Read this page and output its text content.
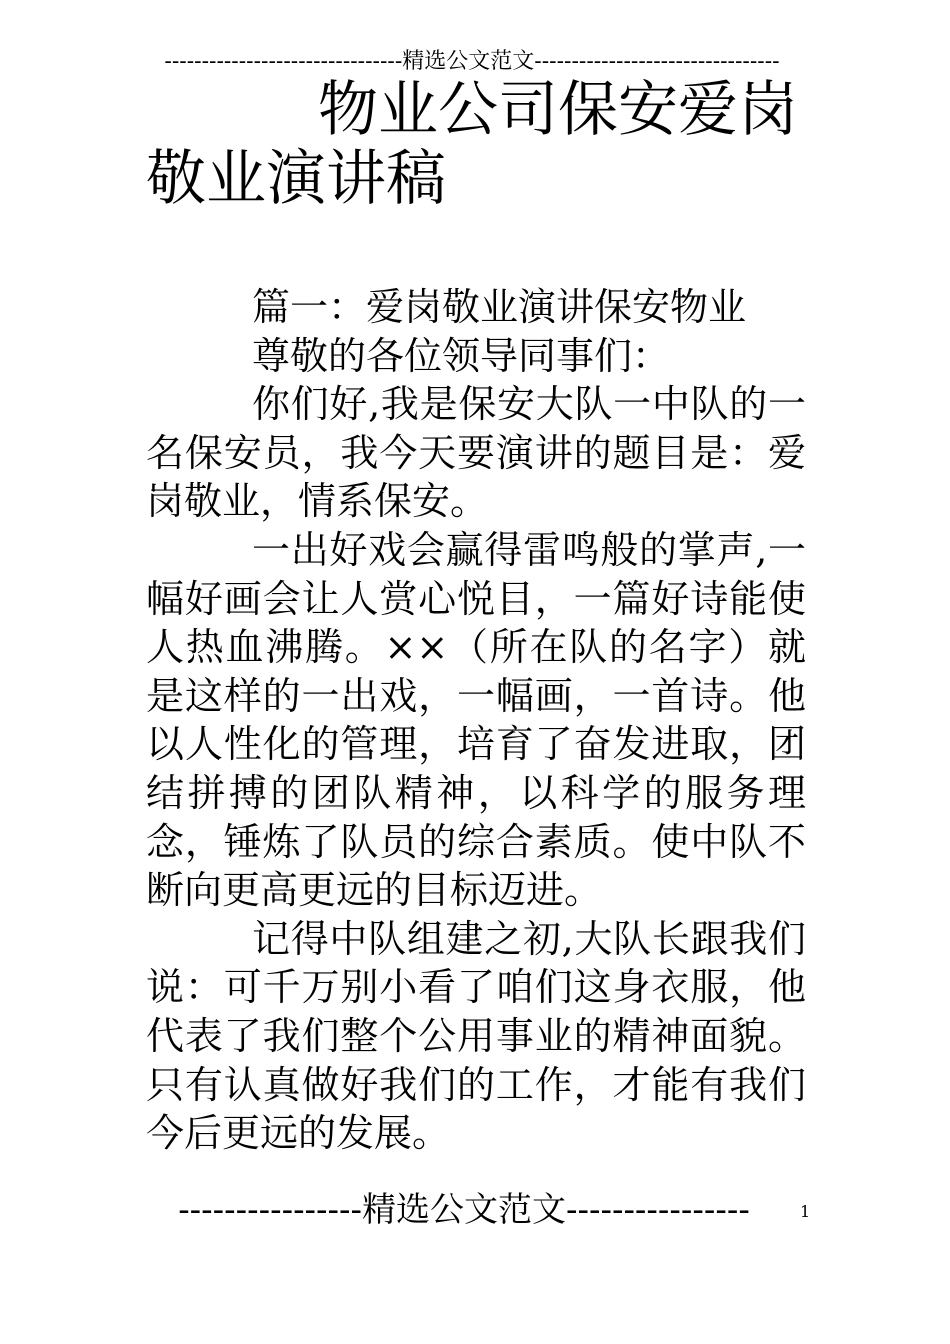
--------------------------------精选公文范文---------------------------------
物业公司保安爱岗
敬业演讲稿

篇一：爱岗敬业演讲保安物业

尊敬的各位领导同事们：

你们好,我是保安大队一中队的一名保安员，我今天要演讲的题目是：爱岗敬业，情系保安。

一出好戏会赢得雷鸣般的掌声,一幅好画会让人赏心悦目，一篇好诗能使人热血沸腾。××（所在队的名字）就是这样的一出戏，一幅画，一首诗。他以人性化的管理，培育了奋发进取，团结拼搏的团队精神，以科学的服务理念，锤炼了队员的综合素质。使中队不断向更高更远的目标迈进。

记得中队组建之初,大队长跟我们说：可千万别小看了咱们这身衣服，他代表了我们整个公用事业的精神面貌。只有认真做好我们的工作，才能有我们今后更远的发展。

----------------精选公文范文----------------	1
